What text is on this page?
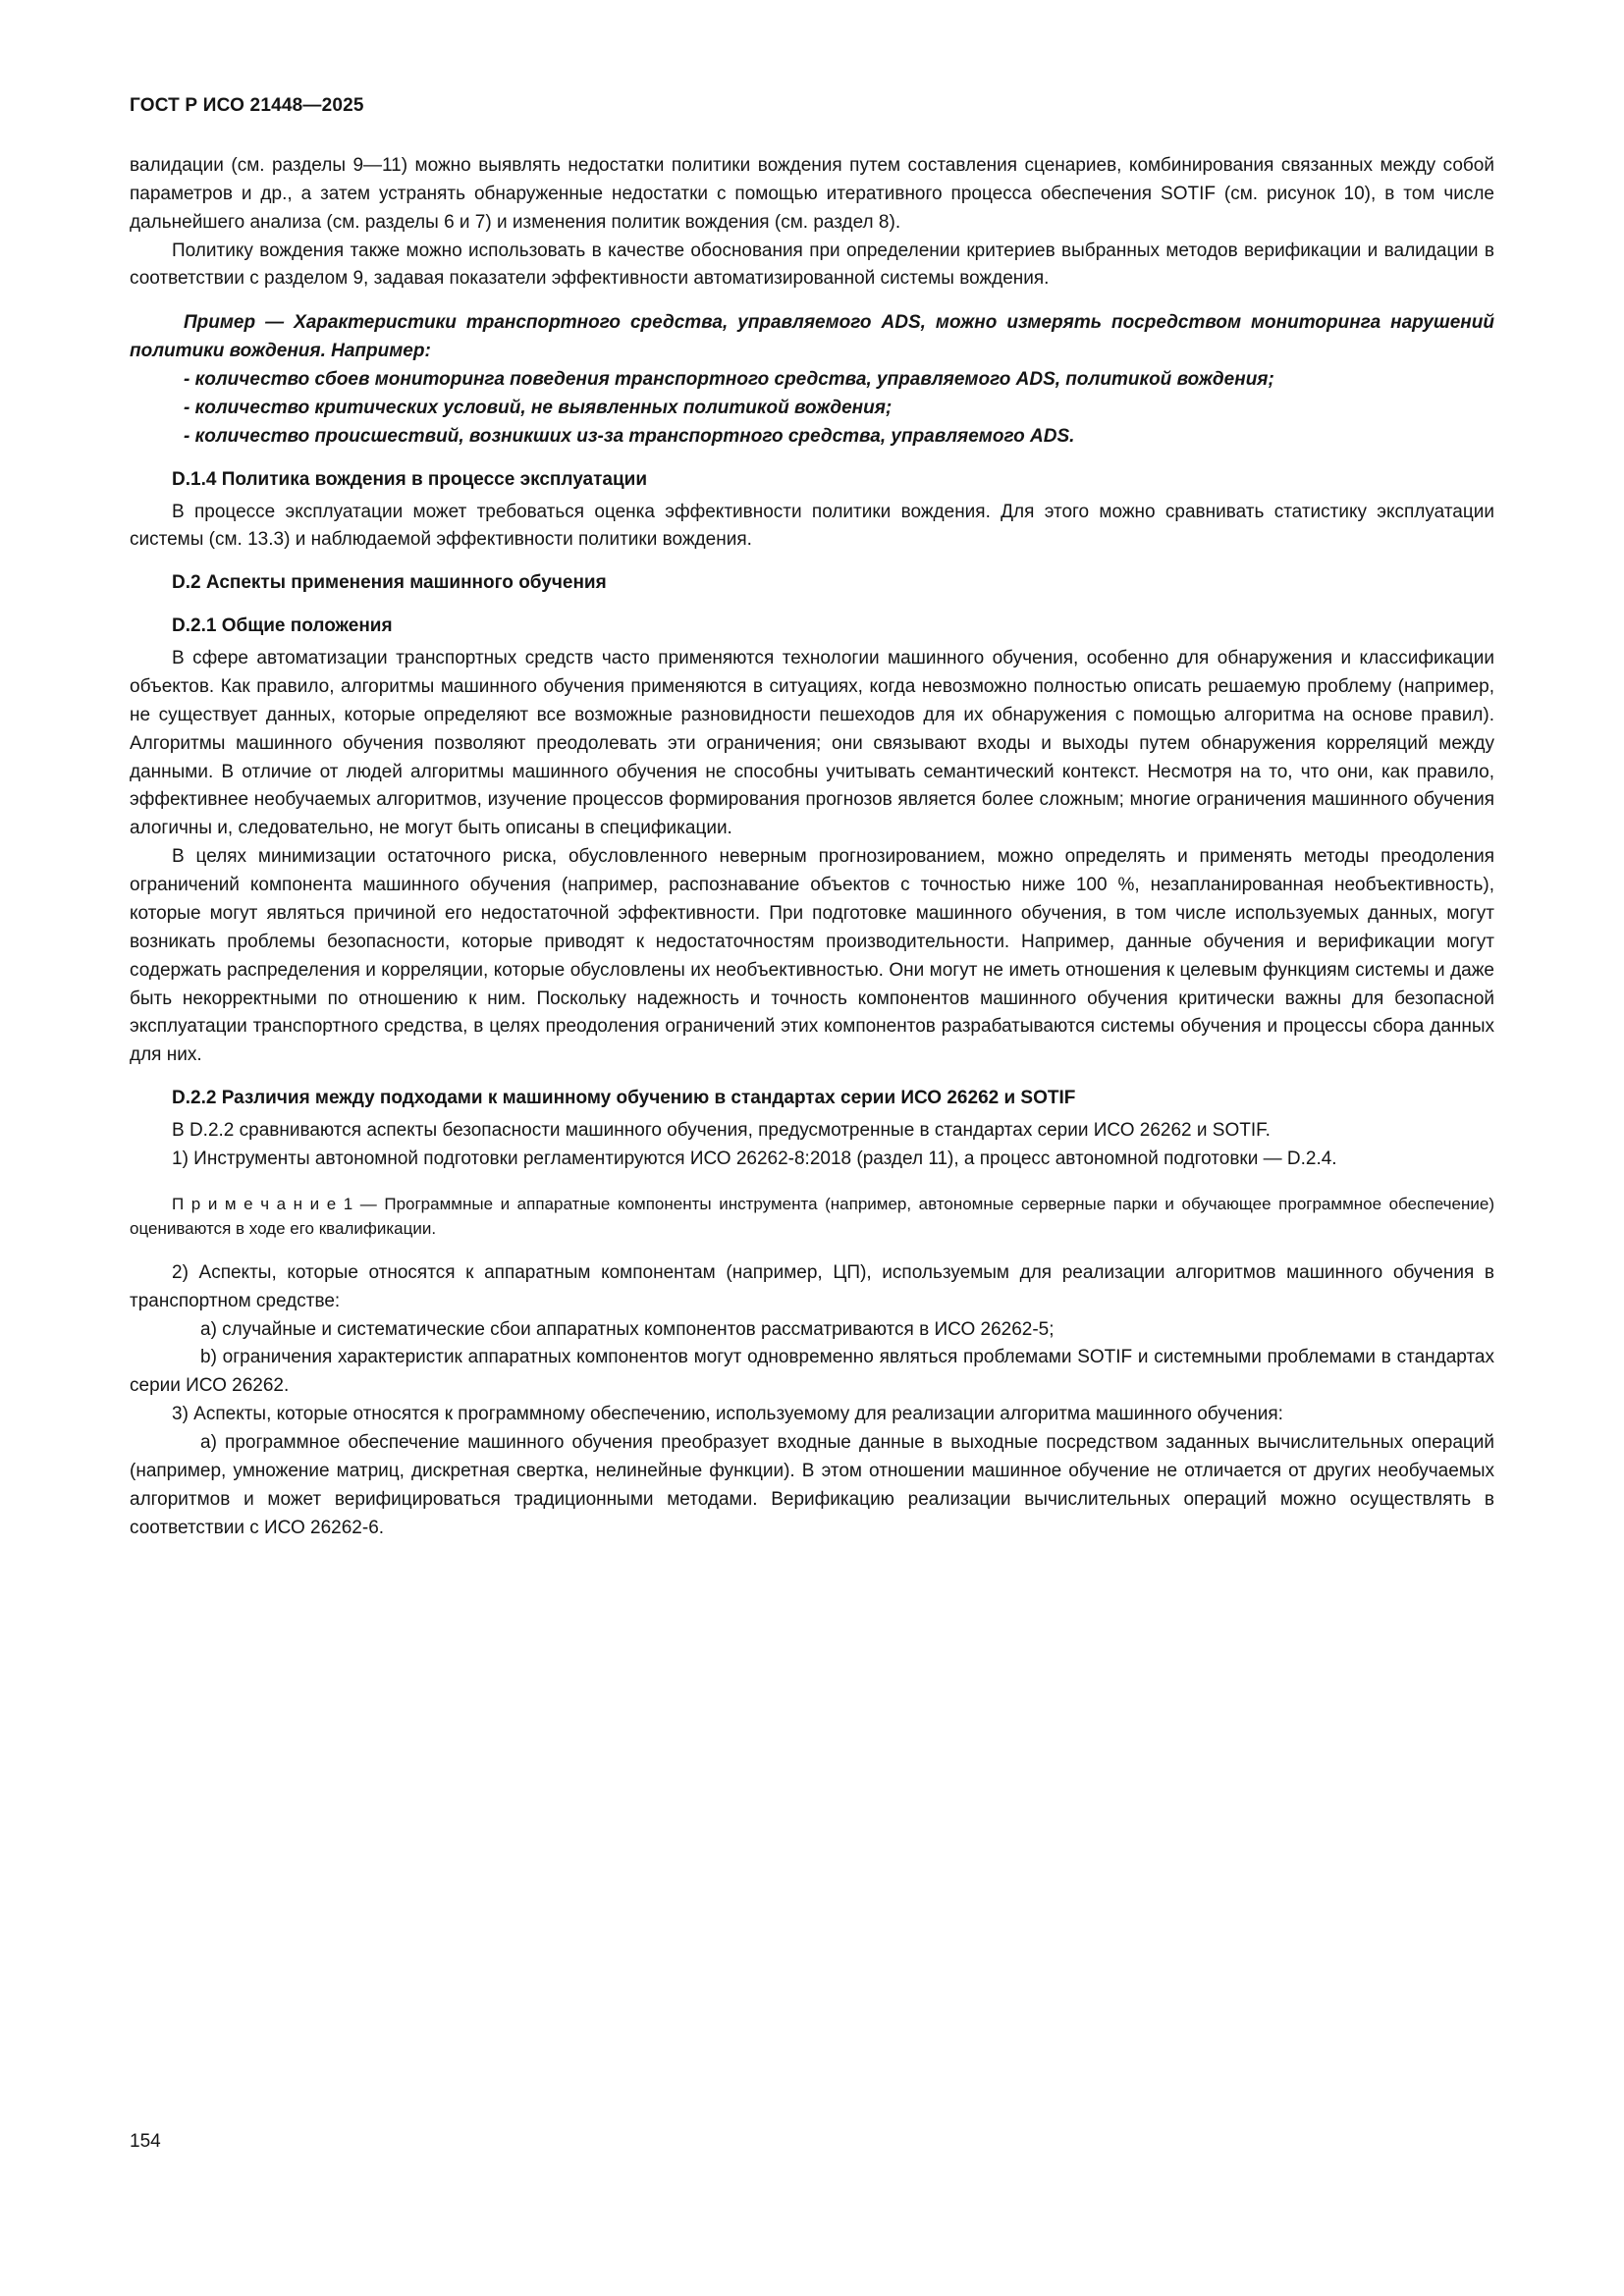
ГОСТ Р ИСО 21448—2025

валидации (см. разделы 9—11) можно выявлять недостатки политики вождения путем составления сценариев, комбинирования связанных между собой параметров и др., а затем устранять обнаруженные недостатки с помощью итеративного процесса обеспечения SOTIF (см. рисунок 10), в том числе дальнейшего анализа (см. разделы 6 и 7) и изменения политик вождения (см. раздел 8).

Политику вождения также можно использовать в качестве обоснования при определении критериев выбранных методов верификации и валидации в соответствии с разделом 9, задавая показатели эффективности автоматизированной системы вождения.

Пример — Характеристики транспортного средства, управляемого ADS, можно измерять посредством мониторинга нарушений политики вождения. Например:

- количество сбоев мониторинга поведения транспортного средства, управляемого ADS, политикой вождения;

- количество критических условий, не выявленных политикой вождения;

- количество происшествий, возникших из-за транспортного средства, управляемого ADS.

D.1.4 Политика вождения в процессе эксплуатации

В процессе эксплуатации может требоваться оценка эффективности политики вождения. Для этого можно сравнивать статистику эксплуатации системы (см. 13.3) и наблюдаемой эффективности политики вождения.

D.2 Аспекты применения машинного обучения
D.2.1 Общие положения

В сфере автоматизации транспортных средств часто применяются технологии машинного обучения, особенно для обнаружения и классификации объектов. Как правило, алгоритмы машинного обучения применяются в ситуациях, когда невозможно полностью описать решаемую проблему (например, не существует данных, которые определяют все возможные разновидности пешеходов для их обнаружения с помощью алгоритма на основе правил). Алгоритмы машинного обучения позволяют преодолевать эти ограничения; они связывают входы и выходы путем обнаружения корреляций между данными. В отличие от людей алгоритмы машинного обучения не способны учитывать семантический контекст. Несмотря на то, что они, как правило, эффективнее необучаемых алгоритмов, изучение процессов формирования прогнозов является более сложным; многие ограничения машинного обучения алогичны и, следовательно, не могут быть описаны в спецификации.

В целях минимизации остаточного риска, обусловленного неверным прогнозированием, можно определять и применять методы преодоления ограничений компонента машинного обучения (например, распознавание объектов с точностью ниже 100 %, незапланированная необъективность), которые могут являться причиной его недостаточной эффективности. При подготовке машинного обучения, в том числе используемых данных, могут возникать проблемы безопасности, которые приводят к недостаточностям производительности. Например, данные обучения и верификации могут содержать распределения и корреляции, которые обусловлены их необъективностью. Они могут не иметь отношения к целевым функциям системы и даже быть некорректными по отношению к ним. Поскольку надежность и точность компонентов машинного обучения критически важны для безопасной эксплуатации транспортного средства, в целях преодоления ограничений этих компонентов разрабатываются системы обучения и процессы сбора данных для них.

D.2.2 Различия между подходами к машинному обучению в стандартах серии ИСО 26262 и SOTIF

В D.2.2 сравниваются аспекты безопасности машинного обучения, предусмотренные в стандартах серии ИСО 26262 и SOTIF.

1) Инструменты автономной подготовки регламентируются ИСО 26262-8:2018 (раздел 11), а процесс автономной подготовки — D.2.4.

П р и м е ч а н и е 1 — Программные и аппаратные компоненты инструмента (например, автономные серверные парки и обучающее программное обеспечение) оцениваются в ходе его квалификации.

2) Аспекты, которые относятся к аппаратным компонентам (например, ЦП), используемым для реализации алгоритмов машинного обучения в транспортном средстве:

a) случайные и систематические сбои аппаратных компонентов рассматриваются в ИСО 26262-5;

b) ограничения характеристик аппаратных компонентов могут одновременно являться проблемами SOTIF и системными проблемами в стандартах серии ИСО 26262.

3) Аспекты, которые относятся к программному обеспечению, используемому для реализации алгоритма машинного обучения:

а) программное обеспечение машинного обучения преобразует входные данные в выходные посредством заданных вычислительных операций (например, умножение матриц, дискретная свертка, нелинейные функции). В этом отношении машинное обучение не отличается от других необучаемых алгоритмов и может верифицироваться традиционными методами. Верификацию реализации вычислительных операций можно осуществлять в соответствии с ИСО 26262-6.

154
